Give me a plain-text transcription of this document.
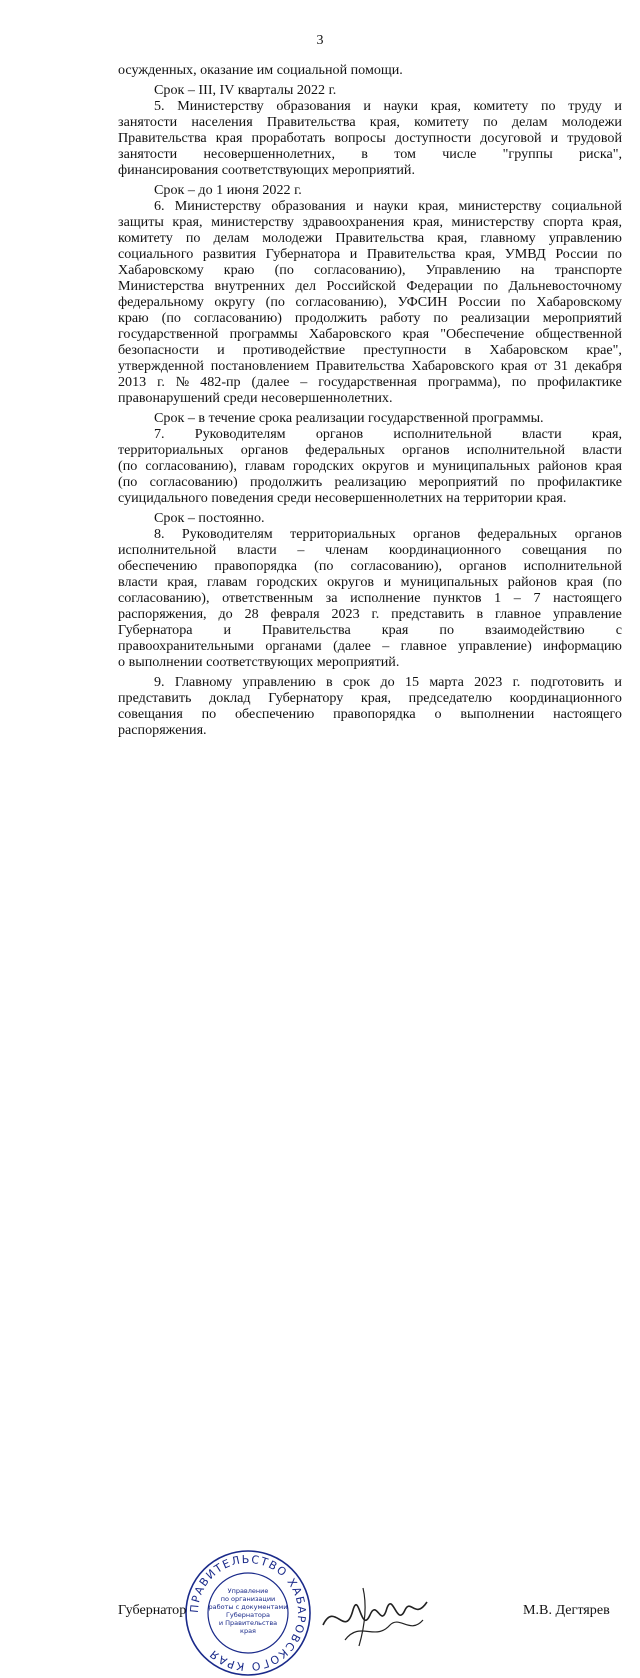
3
осужденных, оказание им социальной помощи.
Срок – III, IV кварталы 2022 г.
5. Министерству образования и науки края, комитету по труду и
занятости населения Правительства края, комитету по делам молодежи
Правительства края проработать вопросы доступности досуговой и трудовой
занятости несовершеннолетних, в том числе "группы риска",
финансирования соответствующих мероприятий.
Срок – до 1 июня 2022 г.
6. Министерству образования и науки края, министерству социальной
защиты края, министерству здравоохранения края, министерству спорта края,
комитету по делам молодежи Правительства края, главному управлению
социального развития Губернатора и Правительства края, УМВД России по
Хабаровскому краю (по согласованию), Управлению на транспорте
Министерства внутренних дел Российской Федерации по Дальневосточному
федеральному округу (по согласованию), УФСИН России по Хабаровскому
краю (по согласованию) продолжить работу по реализации мероприятий
государственной программы Хабаровского края "Обеспечение общественной
безопасности и противодействие преступности в Хабаровском крае",
утвержденной постановлением Правительства Хабаровского края от 31 декабря
2013 г. № 482-пр (далее – государственная программа), по профилактике
правонарушений среди несовершеннолетних.
Срок – в течение срока реализации государственной программы.
7. Руководителям органов исполнительной власти края,
территориальных органов федеральных органов исполнительной власти
(по согласованию), главам городских округов и муниципальных районов края
(по согласованию) продолжить реализацию мероприятий по профилактике
суицидального поведения среди несовершеннолетних на территории края.
Срок – постоянно.
8. Руководителям территориальных органов федеральных органов
исполнительной власти – членам координационного совещания по
обеспечению правопорядка (по согласованию), органов исполнительной
власти края, главам городских округов и муниципальных районов края (по
согласованию), ответственным за исполнение пунктов 1 – 7 настоящего
распоряжения, до 28 февраля 2023 г. представить в главное управление
Губернатора и Правительства края по взаимодействию с
правоохранительными органами (далее – главное управление) информацию
о выполнении соответствующих мероприятий.
9. Главному управлению в срок до 15 марта 2023 г. подготовить и
представить доклад Губернатору края, председателю координационного
совещания по обеспечению правопорядка о выполнении настоящего
распоряжения.
ПРАВИТЕЛЬСТВО ХАБАРОВСКОГО КРАЯ
Управление
по организации
работы с документами
Губернатора
и Правительства
края
Губернатор	М.В. Дегтярев
